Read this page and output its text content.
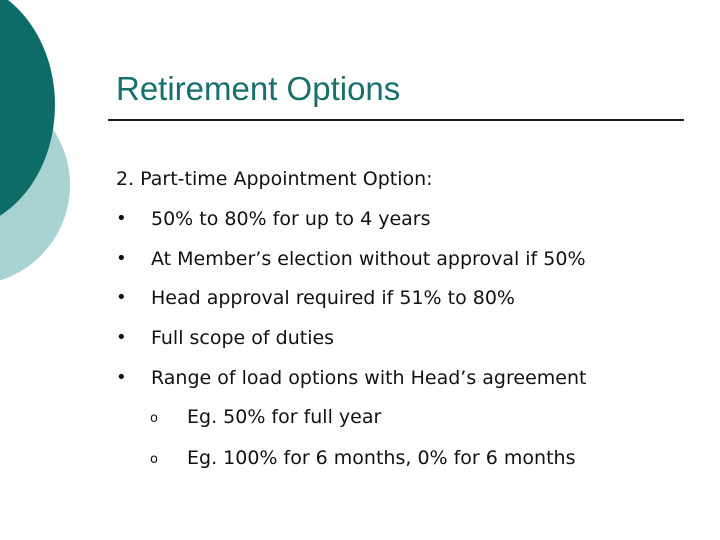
Retirement Options
2. Part-time Appointment Option:
• 50% to 80% for up to 4 years
• At Member’s election without approval if 50%
• Head approval required if 51% to 80%
• Full scope of duties
• Range of load options with Head’s agreement
o Eg. 50% for full year
o Eg. 100% for 6 months, 0% for 6 months
